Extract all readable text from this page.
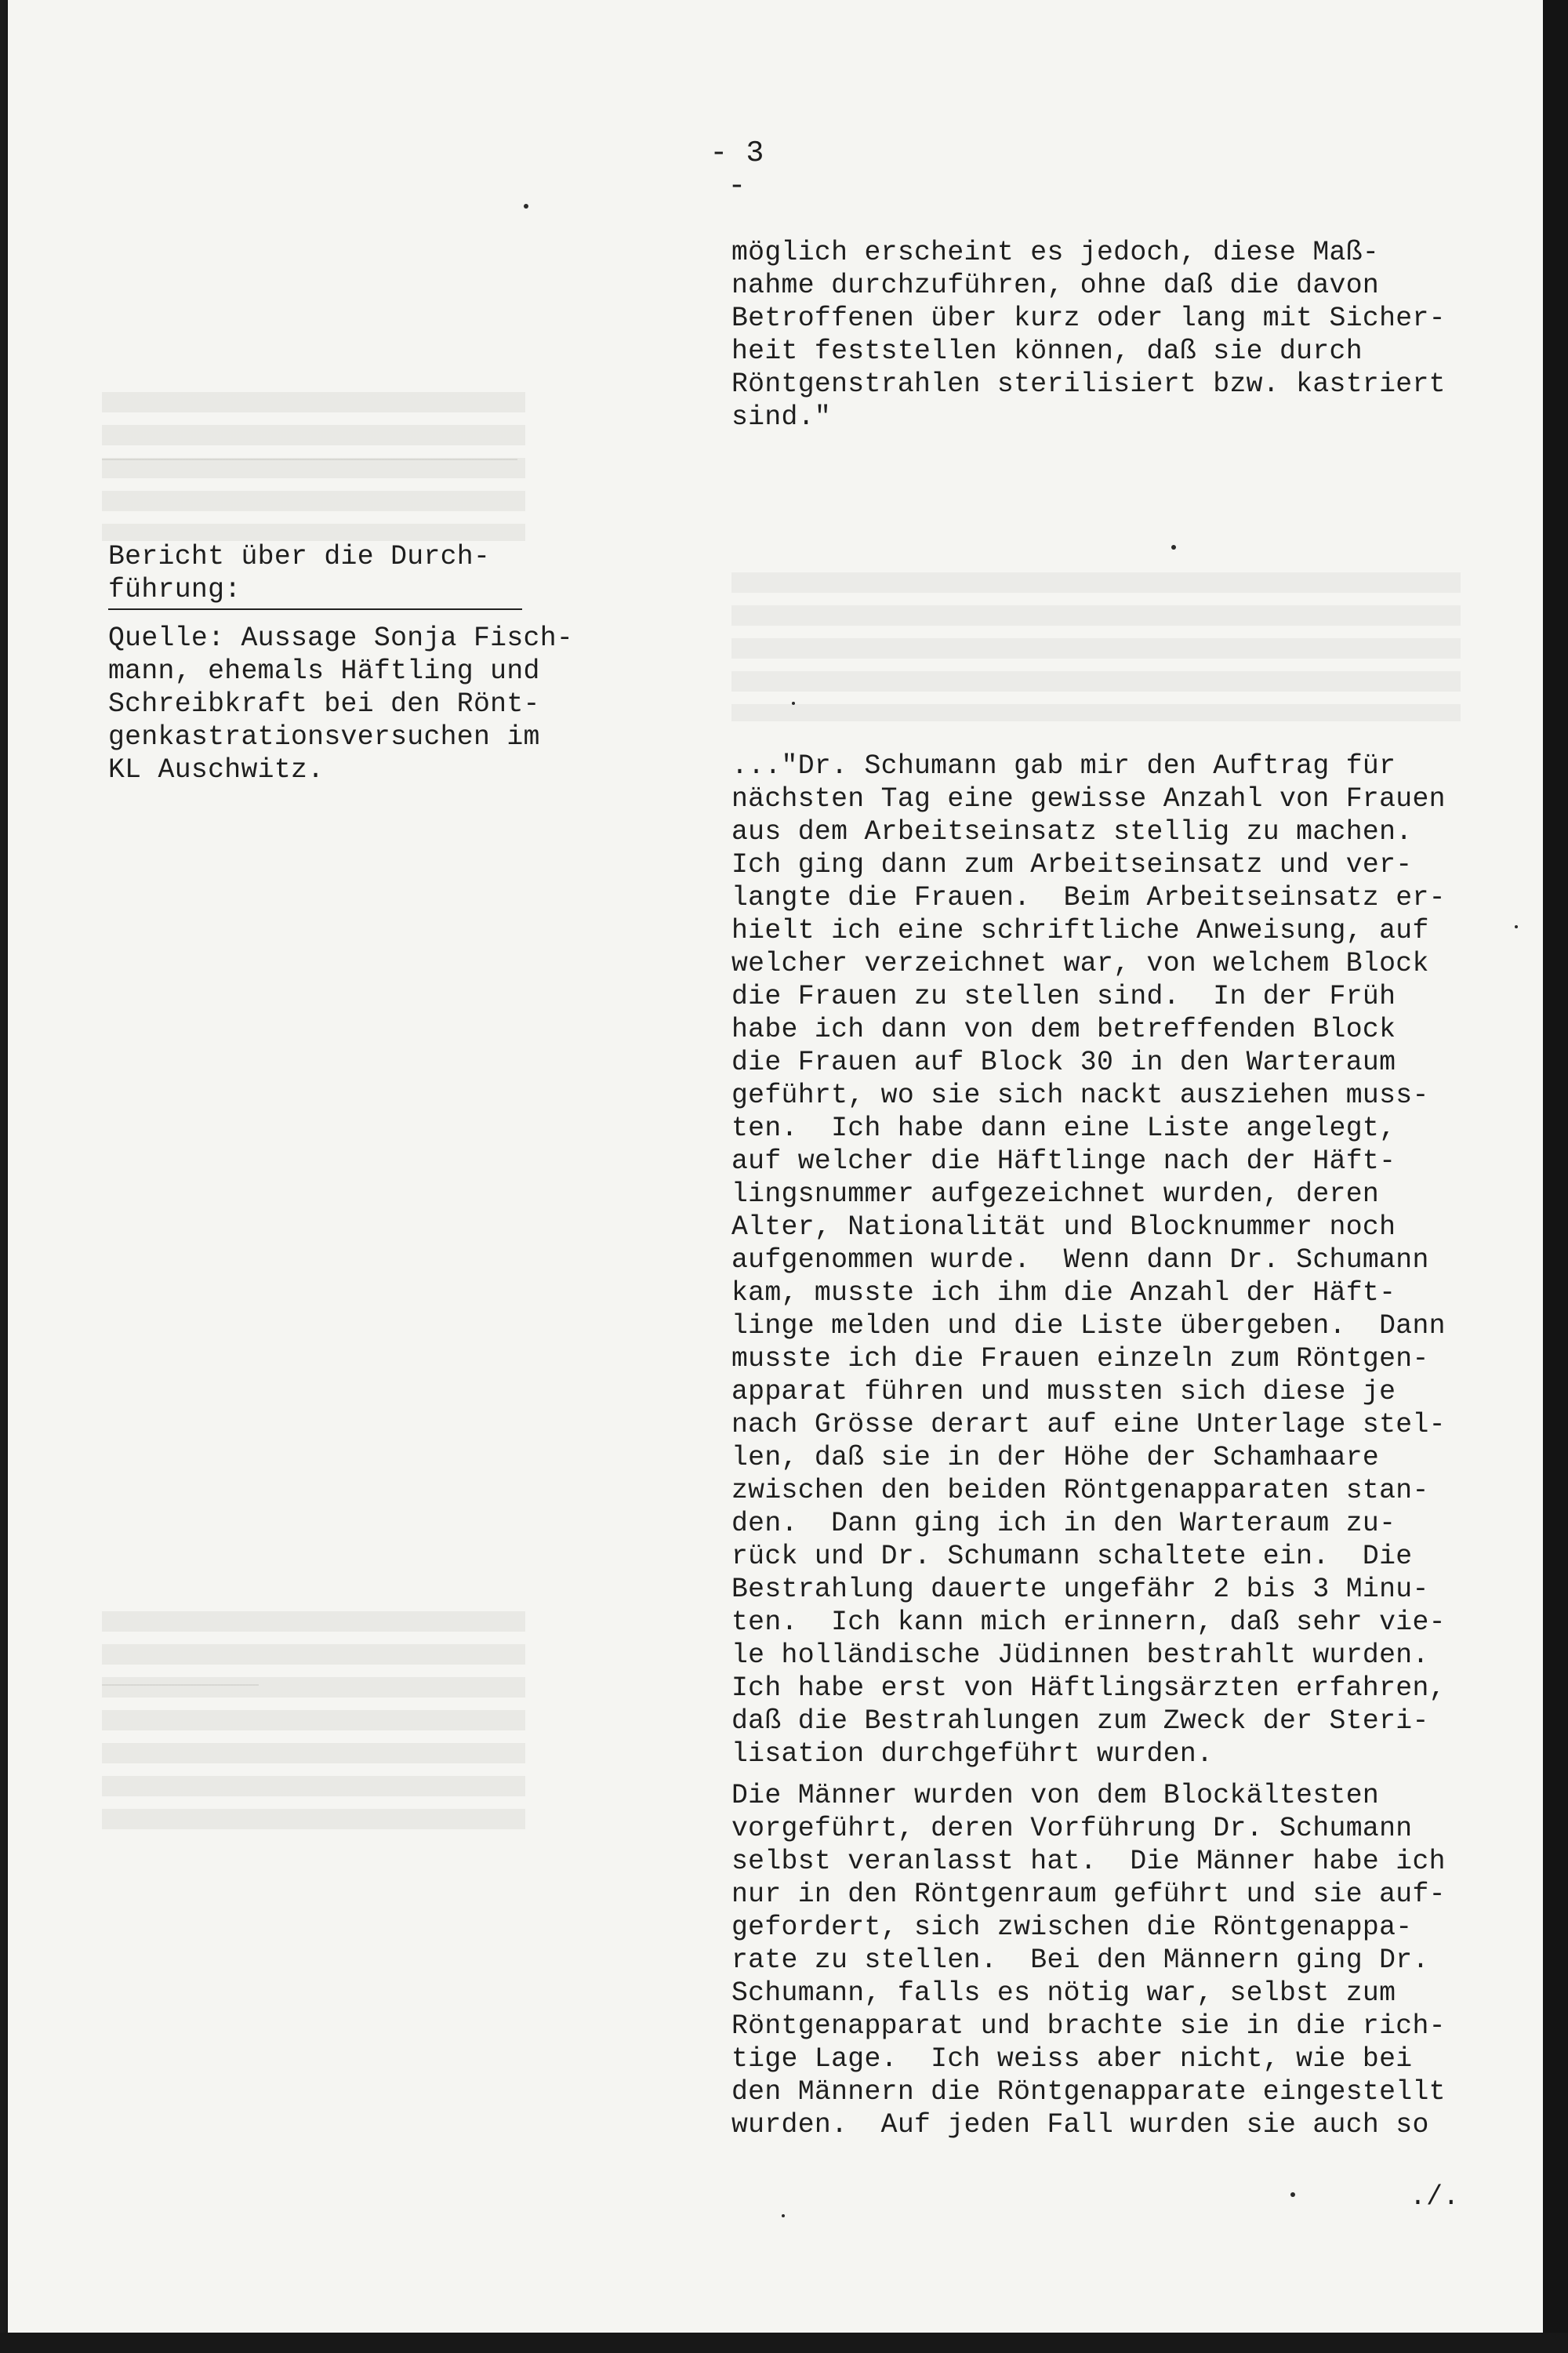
- 3 -
möglich erscheint es jedoch, diese Maß-
nahme durchzuführen, ohne daß die davon
Betroffenen über kurz oder lang mit Sicher-
heit feststellen können, daß sie durch
Röntgenstrahlen sterilisiert bzw. kastriert
sind."
Bericht über die Durch-
führung:
Quelle: Aussage Sonja Fisch-
mann, ehemals Häftling und
Schreibkraft bei den Rönt-
genkastrationsversuchen im
KL Auschwitz.	..."Dr. Schumann gab mir den Auftrag für
nächsten Tag eine gewisse Anzahl von Frauen
aus dem Arbeitseinsatz stellig zu machen.
Ich ging dann zum Arbeitseinsatz und ver-
langte die Frauen.  Beim Arbeitseinsatz er-
hielt ich eine schriftliche Anweisung, auf
welcher verzeichnet war, von welchem Block
die Frauen zu stellen sind.  In der Früh
habe ich dann von dem betreffenden Block
die Frauen auf Block 30 in den Warteraum
geführt, wo sie sich nackt ausziehen muss-
ten.  Ich habe dann eine Liste angelegt,
auf welcher die Häftlinge nach der Häft-
lingsnummer aufgezeichnet wurden, deren
Alter, Nationalität und Blocknummer noch
aufgenommen wurde.  Wenn dann Dr. Schumann
kam, musste ich ihm die Anzahl der Häft-
linge melden und die Liste übergeben.  Dann
musste ich die Frauen einzeln zum Röntgen-
apparat führen und mussten sich diese je
nach Grösse derart auf eine Unterlage stel-
len, daß sie in der Höhe der Schamhaare
zwischen den beiden Röntgenapparaten stan-
den.  Dann ging ich in den Warteraum zu-
rück und Dr. Schumann schaltete ein.  Die
Bestrahlung dauerte ungefähr 2 bis 3 Minu-
ten.  Ich kann mich erinnern, daß sehr vie-
le holländische Jüdinnen bestrahlt wurden.
Ich habe erst von Häftlingsärzten erfahren,
daß die Bestrahlungen zum Zweck der Steri-
lisation durchgeführt wurden.
Die Männer wurden von dem Blockältesten
vorgeführt, deren Vorführung Dr. Schumann
selbst veranlasst hat.  Die Männer habe ich
nur in den Röntgenraum geführt und sie auf-
gefordert, sich zwischen die Röntgenappa-
rate zu stellen.  Bei den Männern ging Dr.
Schumann, falls es nötig war, selbst zum
Röntgenapparat und brachte sie in die rich-
tige Lage.  Ich weiss aber nicht, wie bei
den Männern die Röntgenapparate eingestellt
wurden.  Auf jeden Fall wurden sie auch so
./.
